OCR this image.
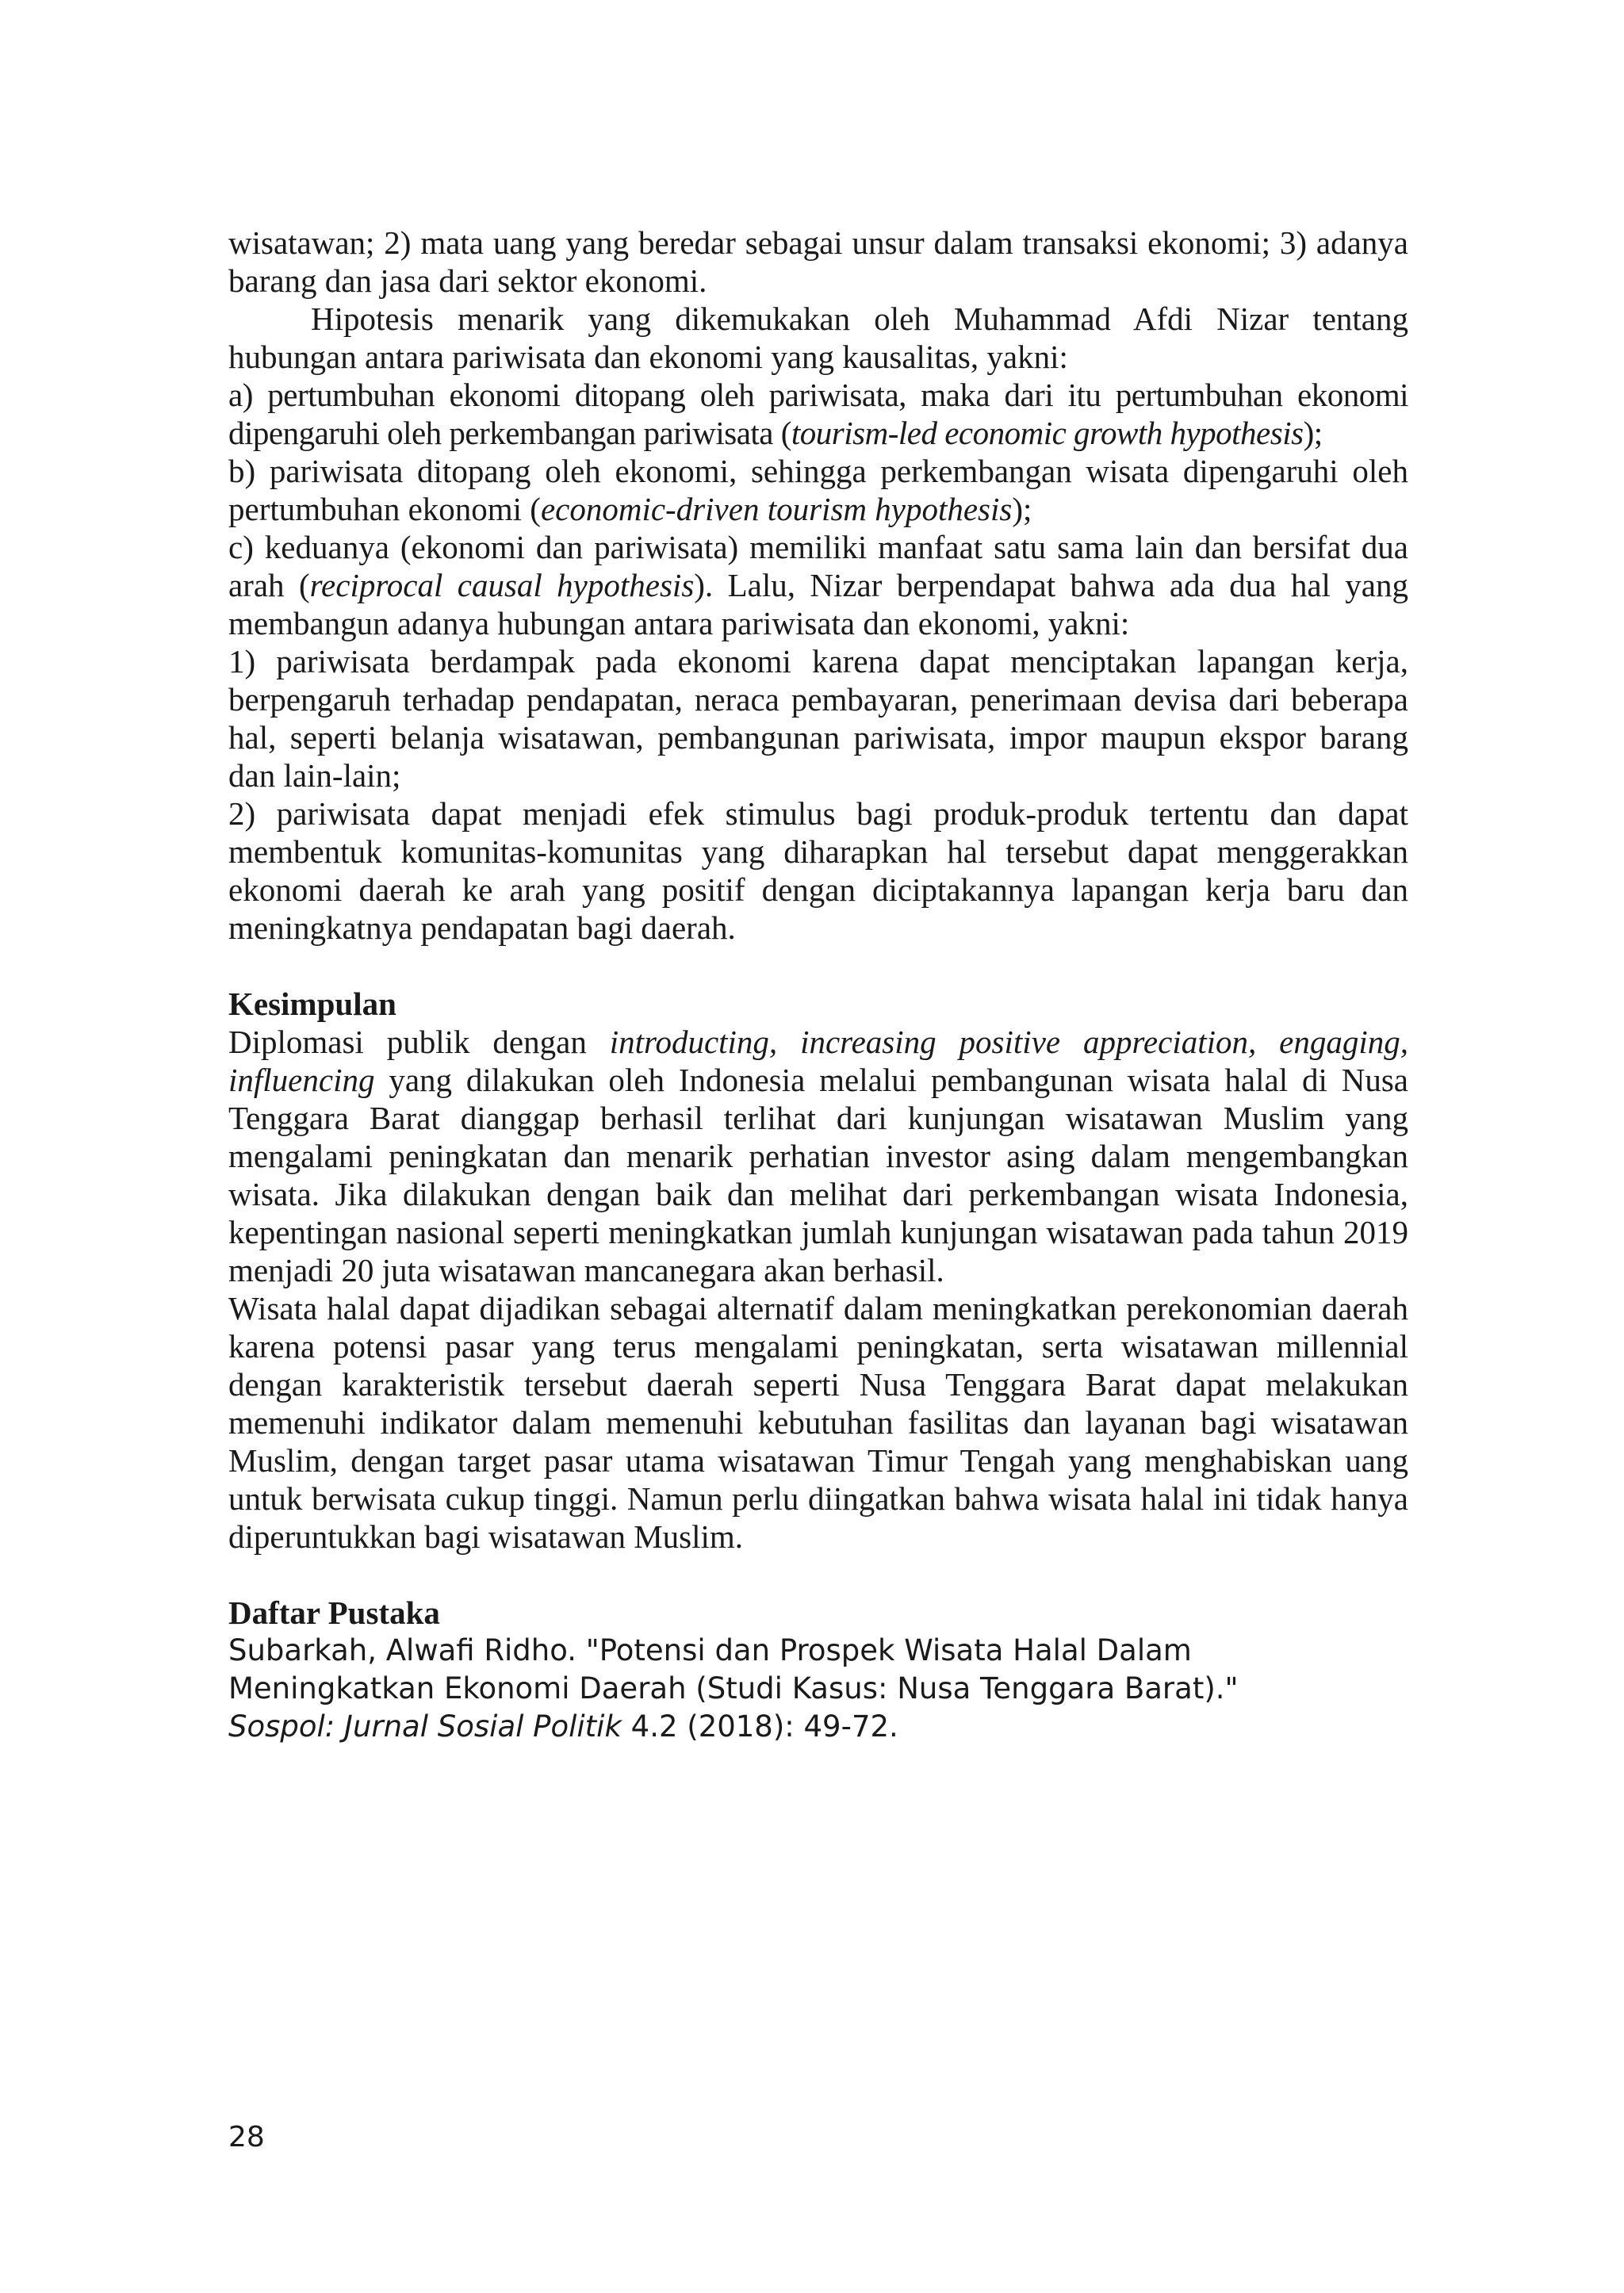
wisatawan; 2) mata uang yang beredar sebagai unsur dalam transaksi ekonomi; 3) adanya barang dan jasa dari sektor ekonomi.

Hipotesis menarik yang dikemukakan oleh Muhammad Afdi Nizar tentang hubungan antara pariwisata dan ekonomi yang kausalitas, yakni:

a) pertumbuhan ekonomi ditopang oleh pariwisata, maka dari itu pertumbuhan ekonomi dipengaruhi oleh perkembangan pariwisata (tourism-led economic growth hypothesis);

b) pariwisata ditopang oleh ekonomi, sehingga perkembangan wisata dipengaruhi oleh pertumbuhan ekonomi (economic-driven tourism hypothesis);

c) keduanya (ekonomi dan pariwisata) memiliki manfaat satu sama lain dan bersifat dua arah (reciprocal causal hypothesis). Lalu, Nizar berpendapat bahwa ada dua hal yang membangun adanya hubungan antara pariwisata dan ekonomi, yakni:

1) pariwisata berdampak pada ekonomi karena dapat menciptakan lapangan kerja, berpengaruh terhadap pendapatan, neraca pembayaran, penerimaan devisa dari beberapa hal, seperti belanja wisatawan, pembangunan pariwisata, impor maupun ekspor barang dan lain-lain;

2) pariwisata dapat menjadi efek stimulus bagi produk-produk tertentu dan dapat membentuk komunitas-komunitas yang diharapkan hal tersebut dapat menggerakkan ekonomi daerah ke arah yang positif dengan diciptakannya lapangan kerja baru dan meningkatnya pendapatan bagi daerah.

Kesimpulan

Diplomasi publik dengan introducting, increasing positive appreciation, engaging, influencing yang dilakukan oleh Indonesia melalui pembangunan wisata halal di Nusa Tenggara Barat dianggap berhasil terlihat dari kunjungan wisatawan Muslim yang mengalami peningkatan dan menarik perhatian investor asing dalam mengembangkan wisata. Jika dilakukan dengan baik dan melihat dari perkembangan wisata Indonesia, kepentingan nasional seperti meningkatkan jumlah kunjungan wisatawan pada tahun 2019 menjadi 20 juta wisatawan mancanegara akan berhasil.

Wisata halal dapat dijadikan sebagai alternatif dalam meningkatkan perekonomian daerah karena potensi pasar yang terus mengalami peningkatan, serta wisatawan millennial dengan karakteristik tersebut daerah seperti Nusa Tenggara Barat dapat melakukan memenuhi indikator dalam memenuhi kebutuhan fasilitas dan layanan bagi wisatawan Muslim, dengan target pasar utama wisatawan Timur Tengah yang menghabiskan uang untuk berwisata cukup tinggi. Namun perlu diingatkan bahwa wisata halal ini tidak hanya diperuntukkan bagi wisatawan Muslim.

Daftar Pustaka

Subarkah, Alwafi Ridho. "Potensi dan Prospek Wisata Halal Dalam Meningkatkan Ekonomi Daerah (Studi Kasus: Nusa Tenggara Barat)." Sospol: Jurnal Sosial Politik 4.2 (2018): 49-72.

28
